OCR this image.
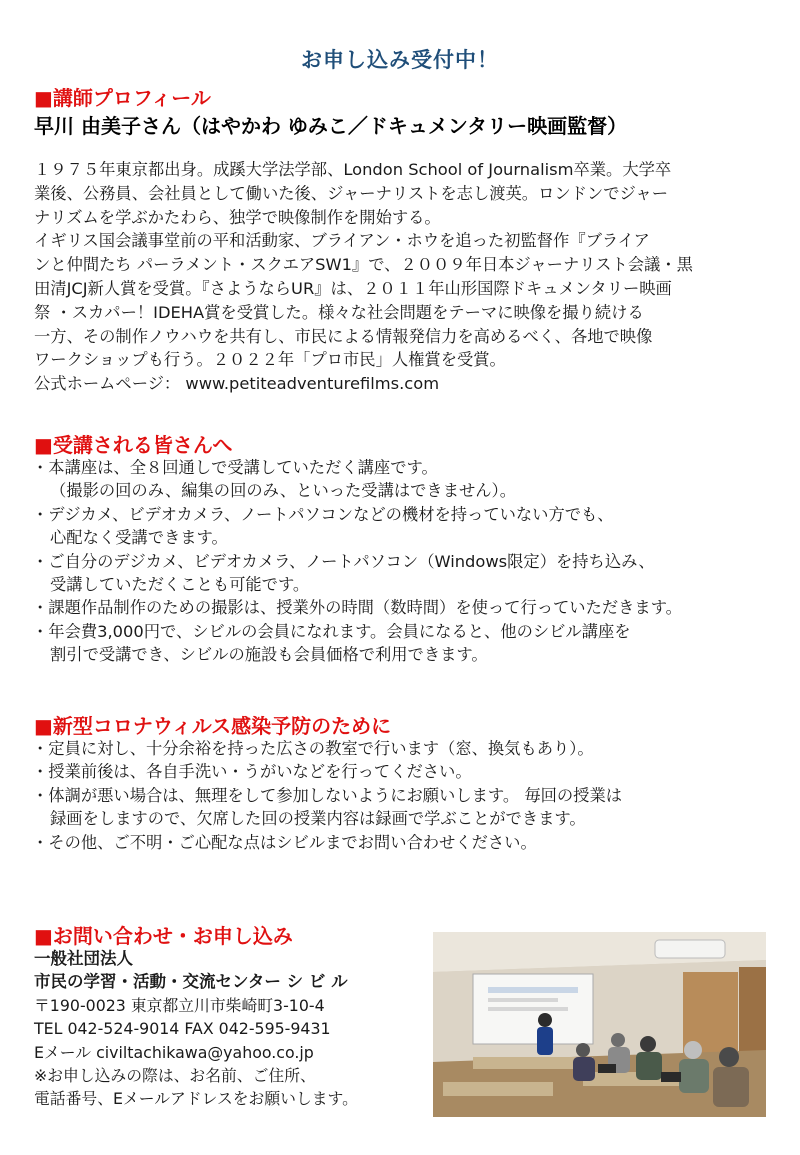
お申し込み受付中！
■講師プロフィール
早川 由美子さん（はやかわ ゆみこ／ドキュメンタリー映画監督）
１９７５年東京都出身。成蹊大学法学部、London School of Journalism卒業。大学卒
業後、公務員、会社員として働いた後、ジャーナリストを志し渡英。ロンドンでジャー
ナリズムを学ぶかたわら、独学で映像制作を開始する。
イギリス国会議事堂前の平和活動家、ブライアン・ホウを追った初監督作『ブライア
ンと仲間たち パーラメント・スクエアSW1』で、２００９年日本ジャーナリスト会議・黒
田清JCJ新人賞を受賞。『さようならUR』は、２０１１年山形国際ドキュメンタリー映画
祭 ・スカパー！IDEHA賞を受賞した。様々な社会問題をテーマに映像を撮り続ける
一方、その制作ノウハウを共有し、市民による情報発信力を高めるべく、各地で映像
ワークショップも行う。２０２２年「プロ市民」人権賞を受賞。
公式ホームページ： www.petiteadventurefilms.com
■受講される皆さんへ
・本講座は、全８回通しで受講していただく講座です。
（撮影の回のみ、編集の回のみ、といった受講はできません）。
・デジカメ、ビデオカメラ、ノートパソコンなどの機材を持っていない方でも、
心配なく受講できます。
・ご自分のデジカメ、ビデオカメラ、ノートパソコン（Windows限定）を持ち込み、
受講していただくことも可能です。
・課題作品制作のための撮影は、授業外の時間（数時間）を使って行っていただきます。
・年会費3,000円で、シビルの会員になれます。会員になると、他のシビル講座を
割引で受講でき、シビルの施設も会員価格で利用できます。
■新型コロナウィルス感染予防のために
・定員に対し、十分余裕を持った広さの教室で行います（窓、換気もあり）。
・授業前後は、各自手洗い・うがいなどを行ってください。
・体調が悪い場合は、無理をして参加しないようにお願いします。 毎回の授業は
録画をしますので、欠席した回の授業内容は録画で学ぶことができます。
・その他、ご不明・ご心配な点はシビルまでお問い合わせください。
■お問い合わせ・お申し込み
一般社団法人
市民の学習・活動・交流センター シ ビ ル
〒190-0023 東京都立川市柴崎町3-10-4
TEL 042-524-9014 FAX 042-595-9431
Eメール civiltachikawa@yahoo.co.jp
※お申し込みの際は、お名前、ご住所、
電話番号、Eメールアドレスをお願いします。
